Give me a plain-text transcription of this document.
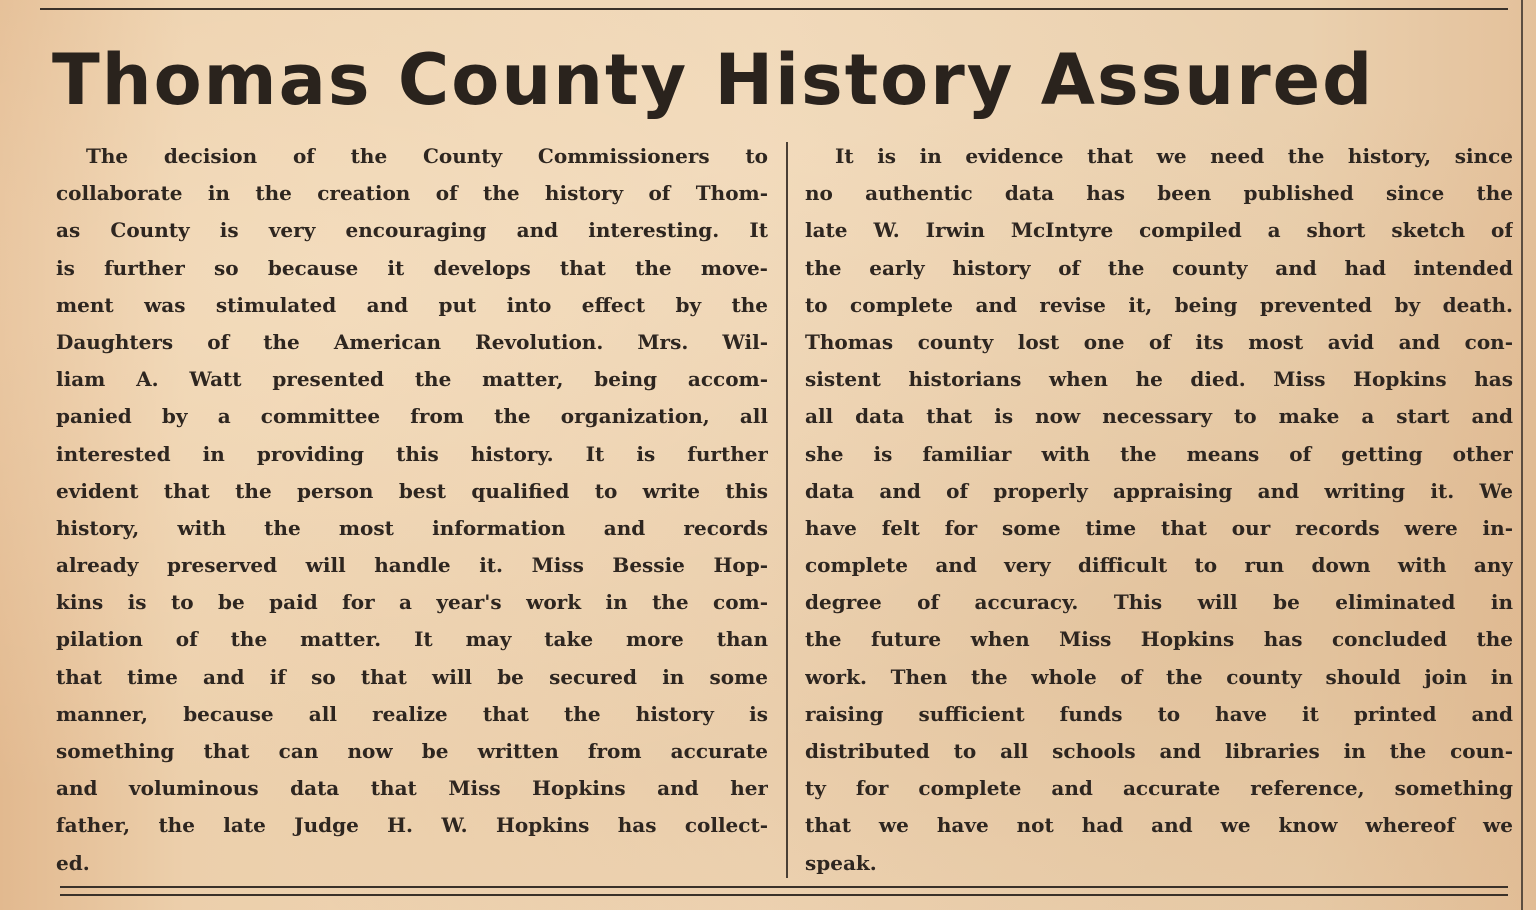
Thomas County History Assured
The decision of the County Commissioners to
collaborate in the creation of the history of Thom-
as County is very encouraging and interesting. It
is further so because it develops that the move-
ment was stimulated and put into effect by the
Daughters of the American Revolution. Mrs. Wil-
liam A. Watt presented the matter, being accom-
panied by a committee from the organization, all
interested in providing this history. It is further
evident that the person best qualified to write this
history, with the most information and records
already preserved will handle it. Miss Bessie Hop-
kins is to be paid for a year's work in the com-
pilation of the matter. It may take more than
that time and if so that will be secured in some
manner, because all realize that the history is
something that can now be written from accurate
and voluminous data that Miss Hopkins and her
father, the late Judge H. W. Hopkins has collect-
ed.
It is in evidence that we need the history, since
no authentic data has been published since the
late W. Irwin McIntyre compiled a short sketch of
the early history of the county and had intended
to complete and revise it, being prevented by death.
Thomas county lost one of its most avid and con-
sistent historians when he died. Miss Hopkins has
all data that is now necessary to make a start and
she is familiar with the means of getting other
data and of properly appraising and writing it. We
have felt for some time that our records were in-
complete and very difficult to run down with any
degree of accuracy. This will be eliminated in
the future when Miss Hopkins has concluded the
work. Then the whole of the county should join in
raising sufficient funds to have it printed and
distributed to all schools and libraries in the coun-
ty for complete and accurate reference, something
that we have not had and we know whereof we
speak.
